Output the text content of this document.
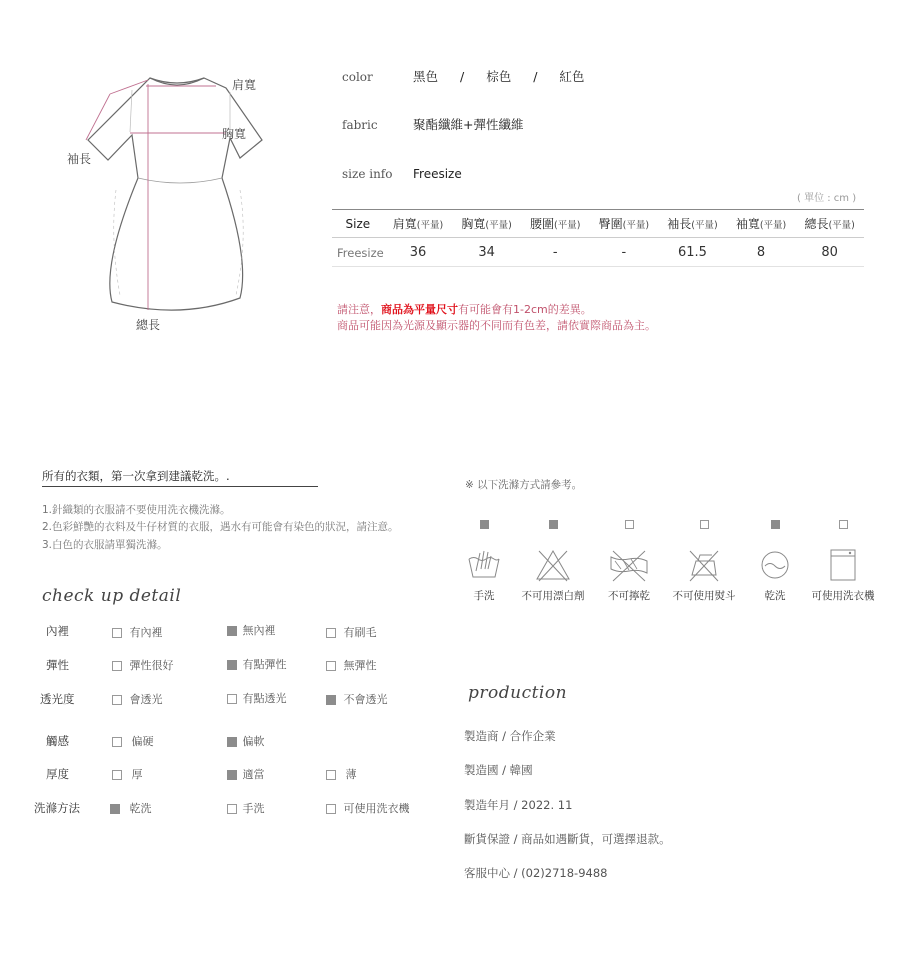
肩寬
胸寬
袖長
總長
color	黑色 / 棕色 / 紅色
fabric	聚酯纖維+彈性纖維
size info Freesize
( 單位 : cm )
Size	肩寬(平量)	胸寬(平量)	腰圍(平量)	臀圍(平量)	袖長(平量)	袖寬(平量)	總長(平量)
Freesize	36	34	-	-	61.5	8	80
請注意，商品為平量尺寸有可能會有1-2cm的差異。
商品可能因為光源及顯示器的不同而有色差，請依實際商品為主。
所有的衣類，第一次拿到建議乾洗。.
1.針織類的衣服請不要使用洗衣機洗滌。
2.色彩鮮艷的衣料及牛仔材質的衣服，遇水有可能會有染色的狀況，請注意。
3.白色的衣服請單獨洗滌。
※ 以下洗滌方式請參考。
手洗	不可用漂白劑	不可擰乾	不可使用熨斗	乾洗	可使用洗衣機
check up detail
內裡	有內裡	無內裡	有刷毛
彈性	彈性很好	有點彈性	無彈性
透光度	會透光	有點透光	不會透光
觸感	偏硬	偏軟
厚度	厚	適當	薄
洗滌方法	乾洗	手洗	可使用洗衣機
production
製造商 / 合作企業
製造國 / 韓國
製造年月 / 2022. 11
斷貨保證 / 商品如遇斷貨，可選擇退款。
客服中心 / (02)2718-9488
